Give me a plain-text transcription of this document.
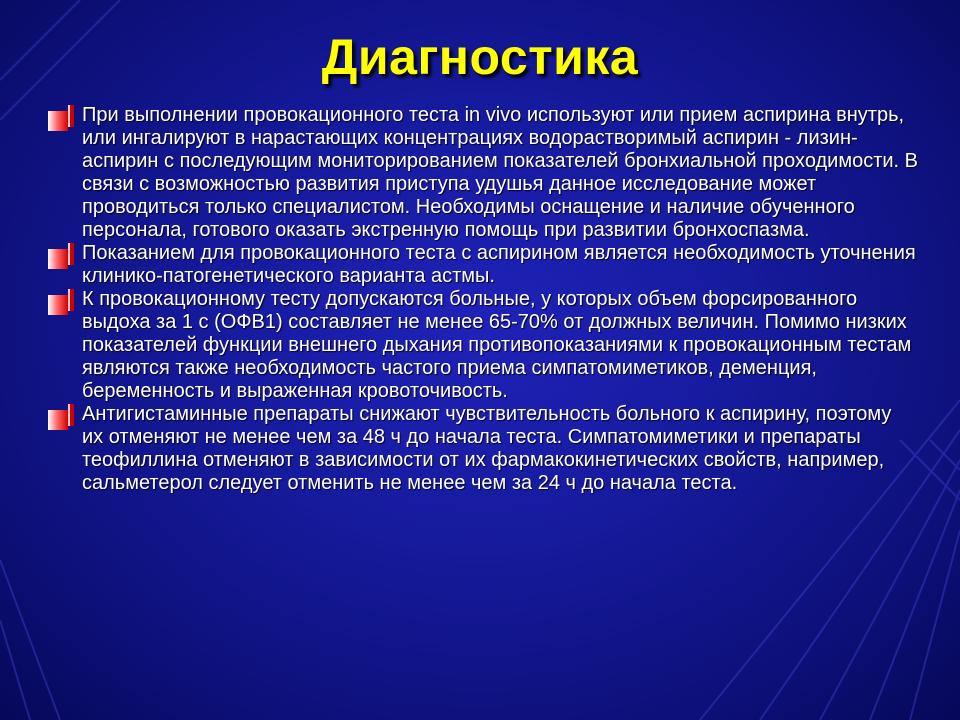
Диагностика
При выполнении провокационного теста in vivo используют или прием аспирина внутрь, или ингалируют в нарастающих концентрациях водорастворимый аспирин - лизин-аспирин с последующим мониторированием показателей бронхиальной проходимости. В связи с возможностью развития приступа удушья данное исследование может проводиться только специалистом. Необходимы оснащение и наличие обученного персонала, готового оказать экстренную помощь при развитии бронхоспазма.
Показанием для провокационного теста с аспирином является необходимость уточнения клинико-патогенетического варианта астмы.
К провокационному тесту допускаются больные, у которых объем форсированного выдоха за 1 с (ОФВ1) составляет не менее 65-70% от должных величин. Помимо низких показателей функции внешнего дыхания противопоказаниями к провокационным тестам являются также необходимость частого приема симпатомиметиков, деменция, беременность и выраженная кровоточивость.
Антигистаминные препараты снижают чувствительность больного к аспирину, поэтому их отменяют не менее чем за 48 ч до начала теста. Симпатомиметики и препараты теофиллина отменяют в зависимости от их фармакокинетических свойств, например, сальметерол следует отменить не менее чем за 24 ч до начала теста.
